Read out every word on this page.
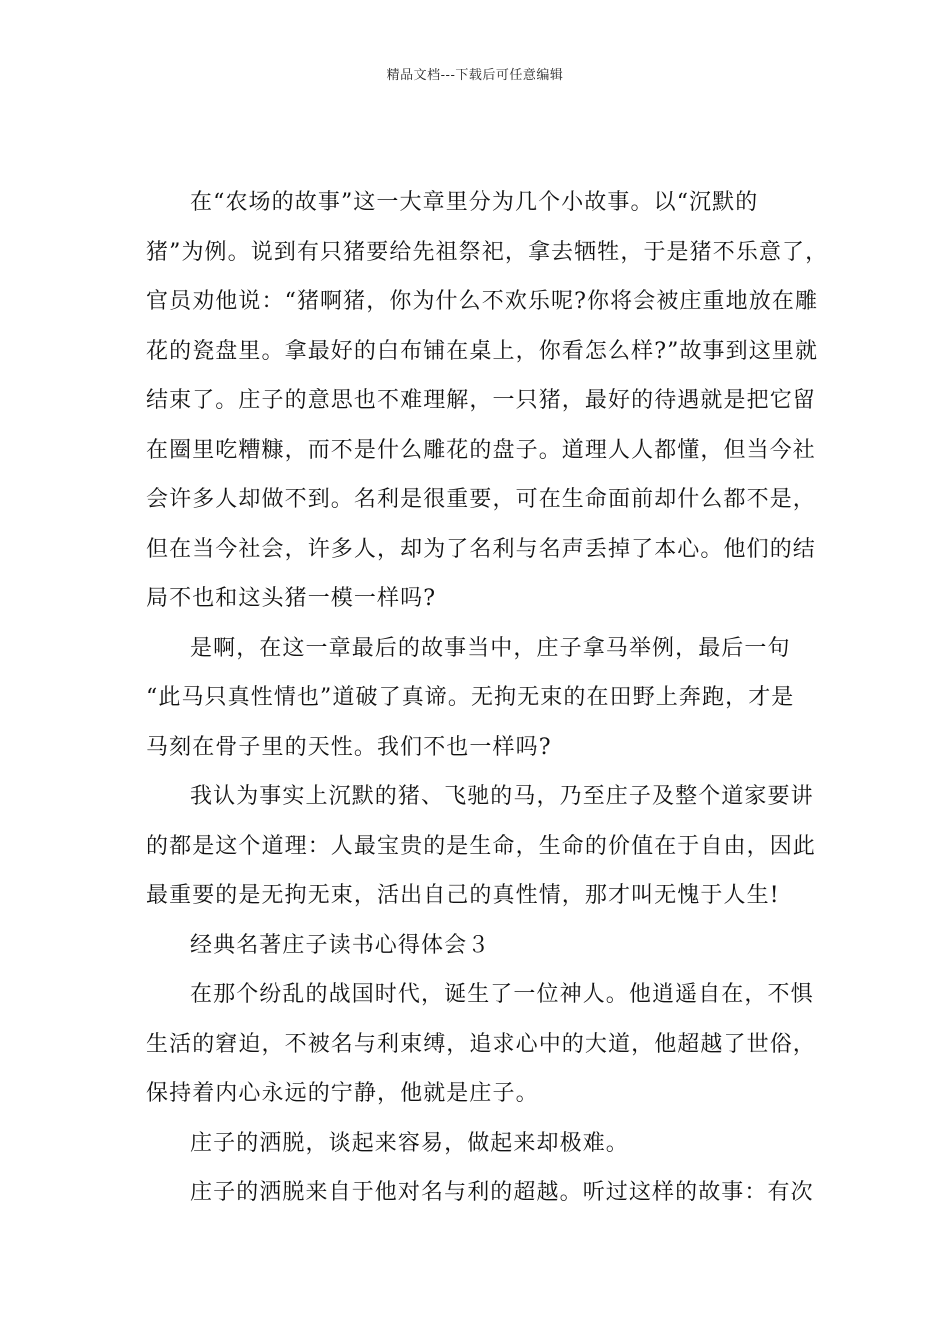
精品文档---下载后可任意编辑
在“农场的故事”这一大章里分为几个小故事。以“沉默的
猪”为例。说到有只猪要给先祖祭祀，拿去牺牲，于是猪不乐意了，
官员劝他说：“猪啊猪，你为什么不欢乐呢?你将会被庄重地放在雕
花的瓷盘里。拿最好的白布铺在桌上，你看怎么样?”故事到这里就
结束了。庄子的意思也不难理解，一只猪，最好的待遇就是把它留
在圈里吃糟糠，而不是什么雕花的盘子。道理人人都懂，但当今社
会许多人却做不到。名利是很重要，可在生命面前却什么都不是，
但在当今社会，许多人，却为了名利与名声丢掉了本心。他们的结
局不也和这头猪一模一样吗?
是啊，在这一章最后的故事当中，庄子拿马举例，最后一句
“此马只真性情也”道破了真谛。无拘无束的在田野上奔跑，才是
马刻在骨子里的天性。我们不也一样吗?
我认为事实上沉默的猪、飞驰的马，乃至庄子及整个道家要讲
的都是这个道理：人最宝贵的是生命，生命的价值在于自由，因此
最重要的是无拘无束，活出自己的真性情，那才叫无愧于人生!
经典名著庄子读书心得体会３
在那个纷乱的战国时代，诞生了一位神人。他逍遥自在，不惧
生活的窘迫，不被名与利束缚，追求心中的大道，他超越了世俗，
保持着内心永远的宁静，他就是庄子。
庄子的洒脱，谈起来容易，做起来却极难。
庄子的洒脱来自于他对名与利的超越。听过这样的故事：有次
